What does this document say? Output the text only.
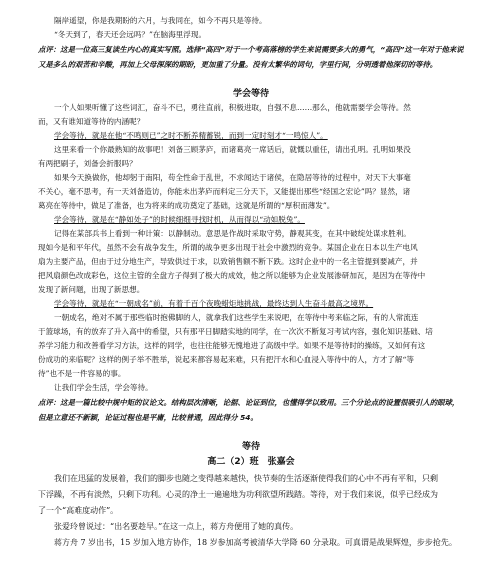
隔岸遥望，你是我期盼的六月，与我同在，如今不再只是等待。

“冬天到了，春天还会远吗？”在脑海里浮现。

点评：这是一位高三复读生内心的真实写照。选择“高四”对于一个考高落榜的学生来说需要多大的勇气，“高四”这一年对于他来说又是多么的艰苦和辛酸，再加上父母深深的期盼，更加重了分量。没有太繁华的词句，字里行间，分明透着他深切的等待。

学会等待

一个人如果听懂了这些词汇，奋斗不已，勇往直前，积极进取，自强不息……那么，他就需要学会等待。然

而，又有谁知道等待的内涵呢？

学会等待，就是在他“不鸣则已”之时不断养精蓄锐，而到一定时刻才“一鸣惊人”。

这里来看一个你最熟知的故事吧！刘备三顾茅庐，而诸葛亮一席话后，就慨以重任，请出孔明。孔明如果没

有两把刷子，刘备会折服吗？

如果今天换做你，他却躬于南阳，苟全性命于乱世，不求闻达于诸侯，在隐居等待的过程中，对天下大事毫

不关心，毫不思考，有一天刘备造访，你能未出茅庐而料定三分天下，又能提出那些“经国之宏论”吗？显然，诸

葛亮在等待中，做足了准备，也为将来的成功奠定了基础，这就是所谓的“厚积而薄发”。

学会等待，就是在“静如处子”的时候细细寻找时机，从而得以“动如脱兔”。

记得在某部兵书上看到一种计策：以静制动。意思是作战时采取守势，静观其变，在其中破绽处谋求胜利。

现如今是和平年代，虽然不会有战争发生，所谓的战争更多出现于社会中激烈的竞争。某国企业在日本以生产电风

扇为主要产品，但由于过分地生产，导致供过于求，以致销售额不断下跌。这时企业中的一名主管提到要减产，并

把风扇颜色改成彩色，这位主管的全盘方子得到了极大的成效，他之所以能够为企业发展渗研加瓦，是因为在等待中

发现了新问题，出现了新思想。

学会等待，就是在“一朝成名”前，有着千百个夜晚蜡炬地挑战，最终达到人生奋斗最高之境界。

一朝成名，绝对不属于那些临时抱佛脚的人，就拿我们这些学生来说吧，在等待中考来临之际，有的人常流连

于篮球场，有的放弃了升入高中的希望，只有那平日脚踏实地的同学，在一次次不断复习考试内容，强化知识基础、培

养学习能力和改善看学习方法，这样的同学，也往往能够无愧地进了高级中学。如果不是等待时的操练，又如何有这

份成功的来临呢？这样的例子举不胜举，说起来都容易起来难，只有把汗水和心血浸入等待中的人，方才了解“等

待”也不是一件容易的事。

让我们学会生活，学会等待。

点评：这是一篇比较中规中矩的议论文。结构层次清晰，论据、论证到位，也懂得学以致用。三个分论点的设置很吸引人的眼球，但是立意还不新颖，论证过程也是平庸，比较普通，因此得分 54。

等待

高二（2）班　张嘉会

我们在迅猛的发展着，我们的脚步也随之变得越来越快，快节奏的生活逐渐使得我们的心中不再有平和，只剩

下浮躁，不再有淡然，只剩下功利。心灵的净土一遍遍地为功利欲望所践踏。等待，对于我们来说，似乎已经成为

了一个“高难度动作”。

张爱玲曾说过：“出名要趁早。”在这一点上，蒋方舟便用了她的真传。

蒋方舟 7 岁出书，15 岁加入地方协作，18 岁参加高考被清华大学降 60 分录取。可真谓是战果辉煌，步步抢先。
